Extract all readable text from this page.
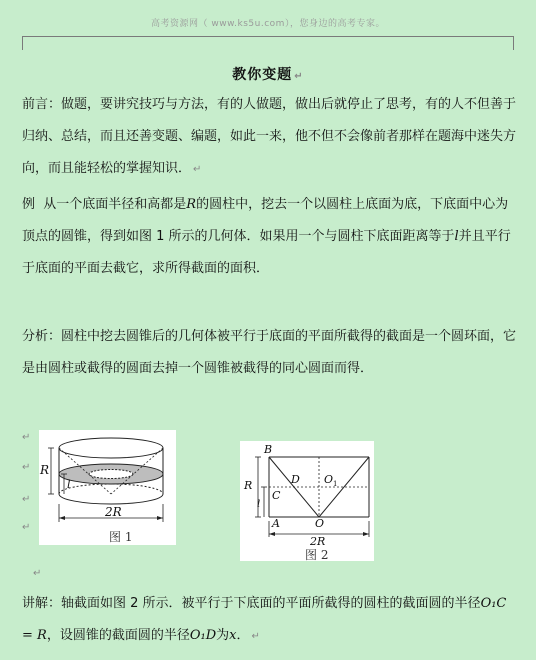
高考资源网（ www.ks5u.com），您身边的高考专家。
教你变题 ↵
前言：做题，要讲究技巧与方法，有的人做题，做出后就停止了思考，有的人不但善于归纳、总结，而且还善变题、编题，如此一来，他不但不会像前者那样在题海中迷失方向，而且能轻松的掌握知识． ↵
例 从一个底面半径和高都是R的圆柱中，挖去一个以圆柱上底面为底，下底面中心为顶点的圆锥，得到如图 1 所示的几何体．如果用一个与圆柱下底面距离等于l并且平行于底面的平面去截它，求所得截面的面积．
分析：圆柱中挖去圆锥后的几何体被平行于底面的平面所截得的截面是一个圆环面，它是由圆柱或截得的圆面去掉一个圆锥被截得的同心圆面而得．
↵
↵
↵
↵
↵
R
l
2R
图 1
B
D O 1
R
l
C
A	O
2R
图 2
讲解：轴截面如图 2 所示．被平行于下底面的平面所截得的圆柱的截面圆的半径O₁C = R，设圆锥的截面圆的半径O₁D为x． ↵
